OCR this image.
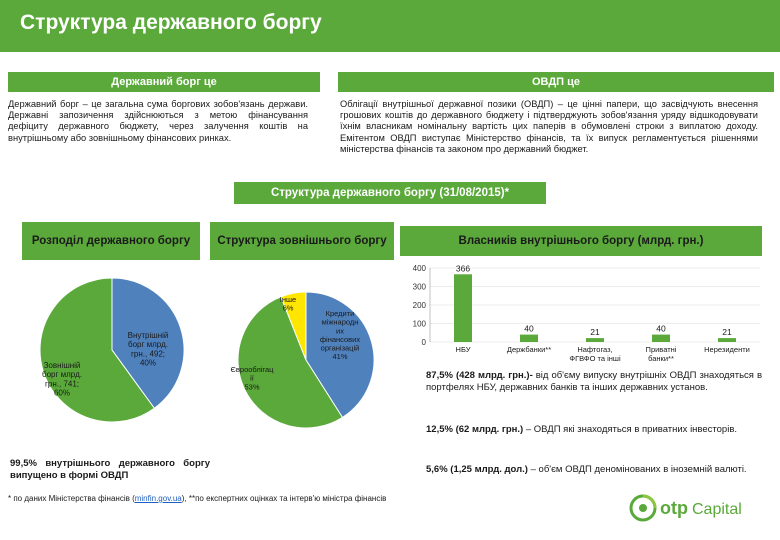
Структура державного боргу
Державний борг це
Державний борг – це загальна сума боргових зобов'язань держави. Державні запозичення здійснюються з метою фінансування дефіциту державного бюджету, через залучення коштів на внутрішньому або зовнішньому фінансових ринках.
ОВДП це
Облігації внутрішньої державної позики (ОВДП) – це цінні папери, що засвідчують внесення грошових коштів до державного бюджету і підтверджують зобов'язання уряду відшкодовувати їхнім власникам номінальну вартість цих паперів в обумовлені строки з виплатою доходу. Емітентом ОВДП виступає Міністерство фінансів, та їх випуск регламентується рішеннями міністерства фінансів та законом про державний бюджет.
Структура державного боргу (31/08/2015)*
Розподіл державного боргу	Структура зовнішнього боргу	Власників внутрішнього боргу (млрд. грн.)
Внутрішній борг млрд. грн., 492; 40%
Зовнішній борг млрд. грн., 741; 60%
Кредити міжнародн их фінансових організацій 41%
Єврооблігац ії 53%
Інше 6%
0
100
200
300
400	366
НБУ
40
Держбанки**
21
Нафтогаз, ФГВФО та інші
40
Приватні банки**
21
Нерезиденти
87,5% (428 млрд. грн.)- від об'єму випуску внутрішніх ОВДП знаходяться в портфелях НБУ, державних банків та інших державних установ.
12,5% (62 млрд. грн.) – ОВДП які знаходяться в приватних інвесторів.
5,6% (1,25 млрд. дол.) – об'єм ОВДП деномінованих в іноземній валюті.
99,5% внутрішнього державного боргу випущено в формі ОВДП
* по даних Міністерства фінансів (minfin.gov.ua), **по експертних оцінках та інтерв'ю міністра фінансів	otp Capital
